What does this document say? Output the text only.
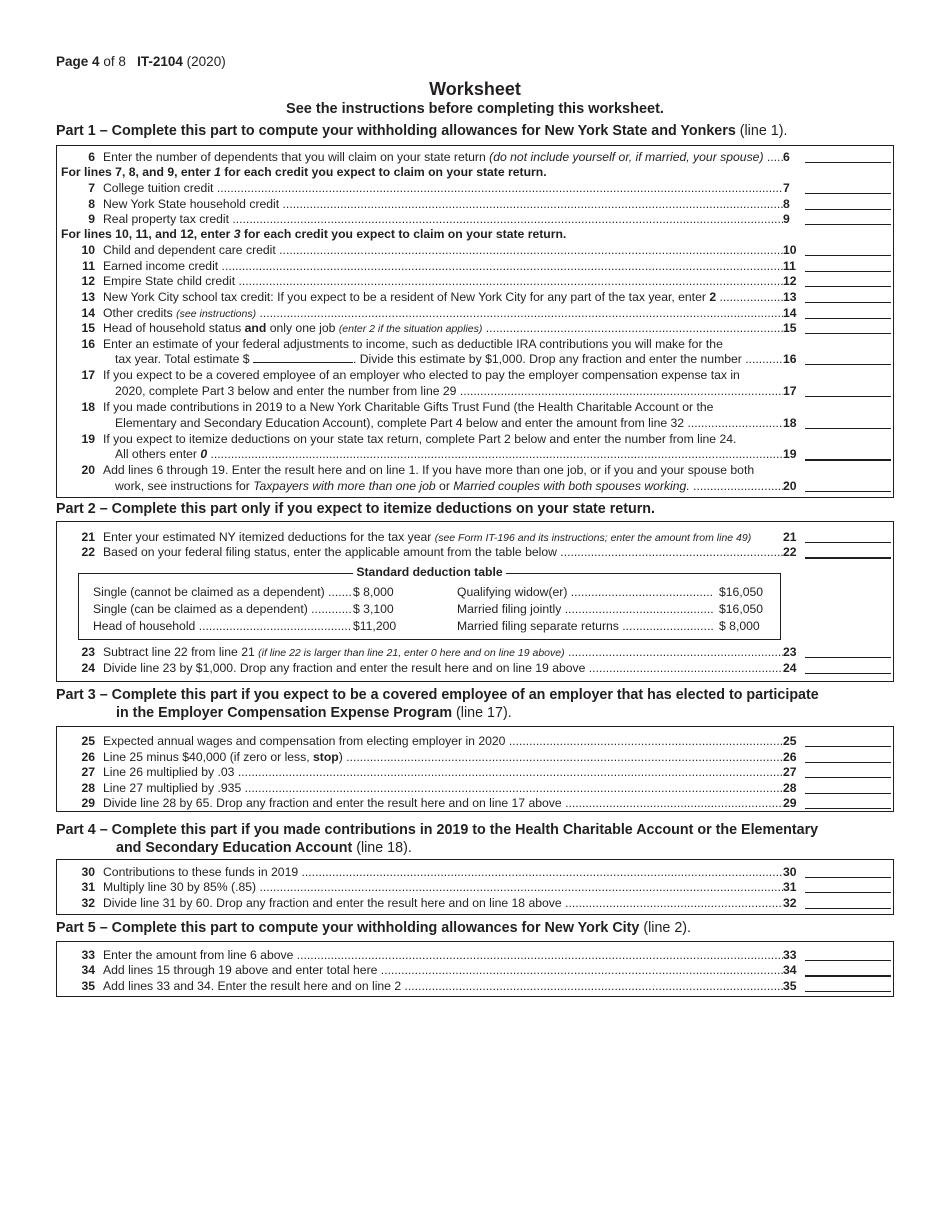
Page 4 of 8 IT-2104 (2020)
Worksheet
See the instructions before completing this worksheet.
Part 1 – Complete this part to compute your withholding allowances for New York State and Yonkers (line 1).
6 Enter the number of dependents that you will claim on your state return (do not include yourself or, if married, your spouse) .....	6
For lines 7, 8, and 9, enter 1 for each credit you expect to claim on your state return.
7 College tuition credit .....	7
8 New York State household credit .....	8
9 Real property tax credit .....	9
For lines 10, 11, and 12, enter 3 for each credit you expect to claim on your state return.
10 Child and dependent care credit .....	10
11 Earned income credit .....	11
12 Empire State child credit .....	12
13 New York City school tax credit: If you expect to be a resident of New York City for any part of the tax year, enter 2 .....	13
14 Other credits (see instructions) .....	14
15 Head of household status and only one job (enter 2 if the situation applies) .....	15
16 Enter an estimate of your federal adjustments to income, such as deductible IRA contributions you will make for the
tax year. Total estimate $	. Divide this estimate by $1,000. Drop any fraction and enter the number .....	16
17 If you expect to be a covered employee of an employer who elected to pay the employer compensation expense tax in
2020, complete Part 3 below and enter the number from line 29 .....	17
18 If you made contributions in 2019 to a New York Charitable Gifts Trust Fund (the Health Charitable Account or the
Elementary and Secondary Education Account), complete Part 4 below and enter the amount from line 32 .....	18
19 If you expect to itemize deductions on your state tax return, complete Part 2 below and enter the number from line 24.
All others enter 0 .....	19
20 Add lines 6 through 19. Enter the result here and on line 1. If you have more than one job, or if you and your spouse both
work, see instructions for Taxpayers with more than one job or Married couples with both spouses working. .....	20
Part 2 – Complete this part only if you expect to itemize deductions on your state return.
21 Enter your estimated NY itemized deductions for the tax year (see Form IT-196 and its instructions; enter the amount from line 49)	21
22 Based on your federal filing status, enter the applicable amount from the table below .....	22
Standard deduction table
Single (cannot be claimed as a dependent) .....	$ 8,000	Qualifying widow(er) .....	$16,050
Single (can be claimed as a dependent) .....	$ 3,100	Married filing jointly .....	$16,050
Head of household .....	$11,200	Married filing separate returns .....	$ 8,000
23 Subtract line 22 from line 21 (if line 22 is larger than line 21, enter 0 here and on line 19 above) .....	23
24 Divide line 23 by $1,000. Drop any fraction and enter the result here and on line 19 above .....	24
Part 3 – Complete this part if you expect to be a covered employee of an employer that has elected to participate
in the Employer Compensation Expense Program (line 17).
25 Expected annual wages and compensation from electing employer in 2020 .....	25
26 Line 25 minus $40,000 (if zero or less, stop) .....	26
27 Line 26 multiplied by .03 .....	27
28 Line 27 multiplied by .935 .....	28
29 Divide line 28 by 65. Drop any fraction and enter the result here and on line 17 above .....	29
Part 4 – Complete this part if you made contributions in 2019 to the Health Charitable Account or the Elementary
and Secondary Education Account (line 18).
30 Contributions to these funds in 2019 .....	30
31 Multiply line 30 by 85% (.85) .....	31
32 Divide line 31 by 60. Drop any fraction and enter the result here and on line 18 above .....	32
Part 5 – Complete this part to compute your withholding allowances for New York City (line 2).
33 Enter the amount from line 6 above .....	33
34 Add lines 15 through 19 above and enter total here .....	34
35 Add lines 33 and 34. Enter the result here and on line 2 .....	35
